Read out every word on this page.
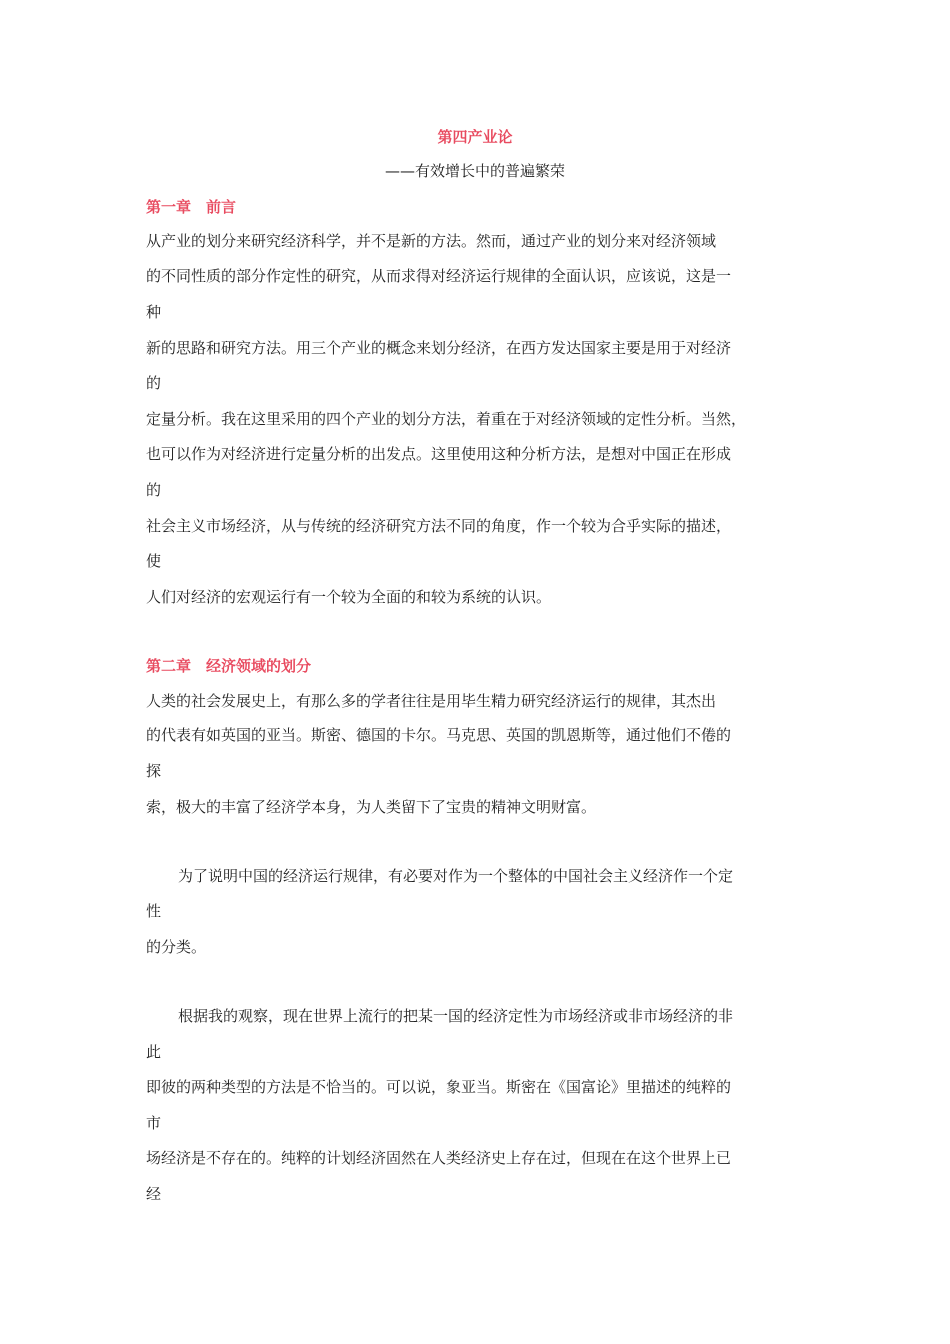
第四产业论
——有效增长中的普遍繁荣
第一章　前言
从产业的划分来研究经济科学，并不是新的方法。然而，通过产业的划分来对经济领域
的不同性质的部分作定性的研究，从而求得对经济运行规律的全面认识，应该说，这是一
种
新的思路和研究方法。用三个产业的概念来划分经济，在西方发达国家主要是用于对经济
的
定量分析。我在这里采用的四个产业的划分方法，着重在于对经济领域的定性分析。当然，
也可以作为对经济进行定量分析的出发点。这里使用这种分析方法，是想对中国正在形成
的
社会主义市场经济，从与传统的经济研究方法不同的角度，作一个较为合乎实际的描述，
使
人们对经济的宏观运行有一个较为全面的和较为系统的认识。
第二章　经济领域的划分
人类的社会发展史上，有那么多的学者往往是用毕生精力研究经济运行的规律，其杰出
的代表有如英国的亚当。斯密、德国的卡尔。马克思、英国的凯恩斯等，通过他们不倦的
探
索，极大的丰富了经济学本身，为人类留下了宝贵的精神文明财富。
为了说明中国的经济运行规律，有必要对作为一个整体的中国社会主义经济作一个定
性
的分类。
根据我的观察，现在世界上流行的把某一国的经济定性为市场经济或非市场经济的非
此
即彼的两种类型的方法是不恰当的。可以说，象亚当。斯密在《国富论》里描述的纯粹的
市
场经济是不存在的。纯粹的计划经济固然在人类经济史上存在过，但现在在这个世界上已
经
